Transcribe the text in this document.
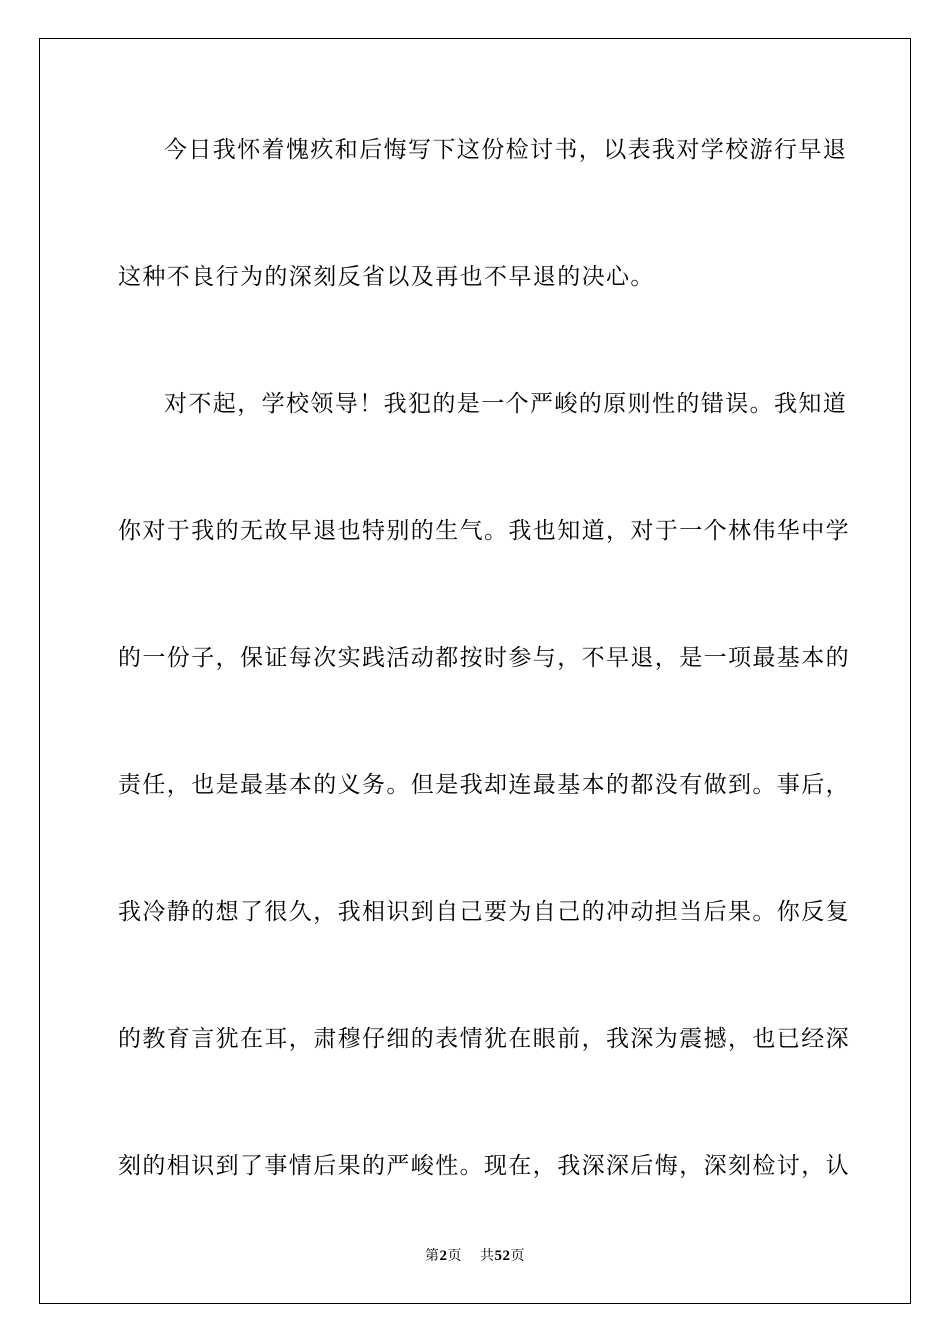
今日我怀着愧疚和后悔写下这份检讨书，以表我对学校游行早退
这种不良行为的深刻反省以及再也不早退的决心。
对不起，学校领导！我犯的是一个严峻的原则性的错误。我知道
你对于我的无故早退也特别的生气。我也知道，对于一个林伟华中学
的一份子，保证每次实践活动都按时参与，不早退，是一项最基本的
责任，也是最基本的义务。但是我却连最基本的都没有做到。事后，
我冷静的想了很久，我相识到自己要为自己的冲动担当后果。你反复
的教育言犹在耳，肃穆仔细的表情犹在眼前，我深为震撼，也已经深
刻的相识到了事情后果的严峻性。现在，我深深后悔，深刻检讨，认
第2页 共52页
